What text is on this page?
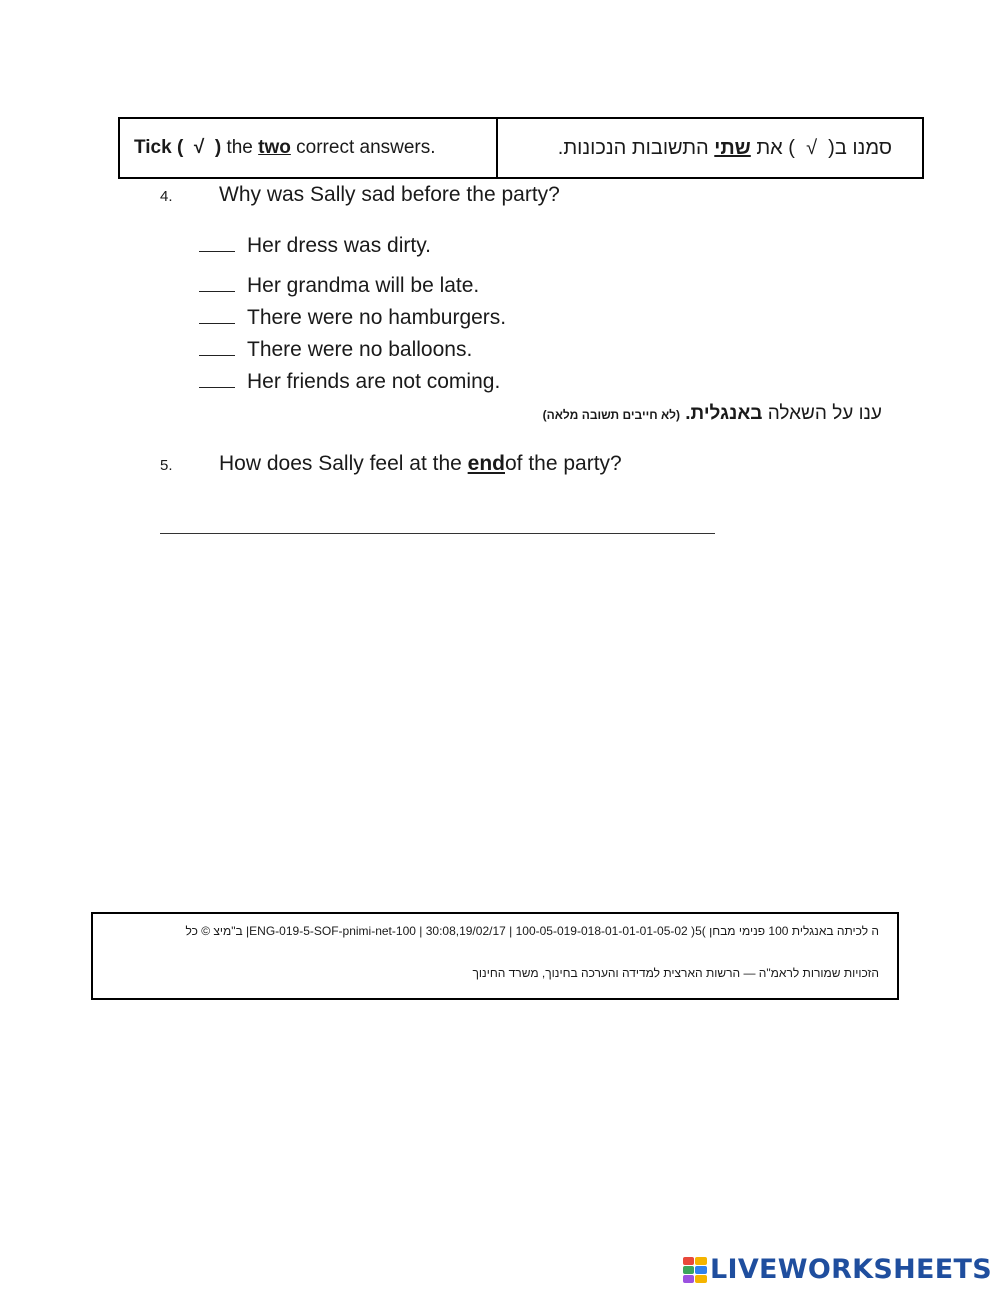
Tick (
√
)
the
two
correct answers.	סמנו ב(

√

) את

שתי

התשובות הנכונות.
4. Why was Sally sad before the party?
Her dress was dirty.
Her grandma will be late.
There were no hamburgers.
There were no balloons.
Her friends are not coming.
ענו על השאלה באנגלית. (לא חייבים תשובה מלאה)
5. How does Sally feel at the endof the party?
ה לכיתה באנגלית 100 פנימי מבחן )5( 100-05-019-018-01-01-01-05-02 | 30:08,19/02/17 | 100-ENG-019-5-SOF-pnimi-net| ב"מיצ © כל
הזכויות שמורות לראמ"ה — הרשות הארצית למדידה והערכה בחינוך, משרד החינוך
LIVEWORKSHEETS
